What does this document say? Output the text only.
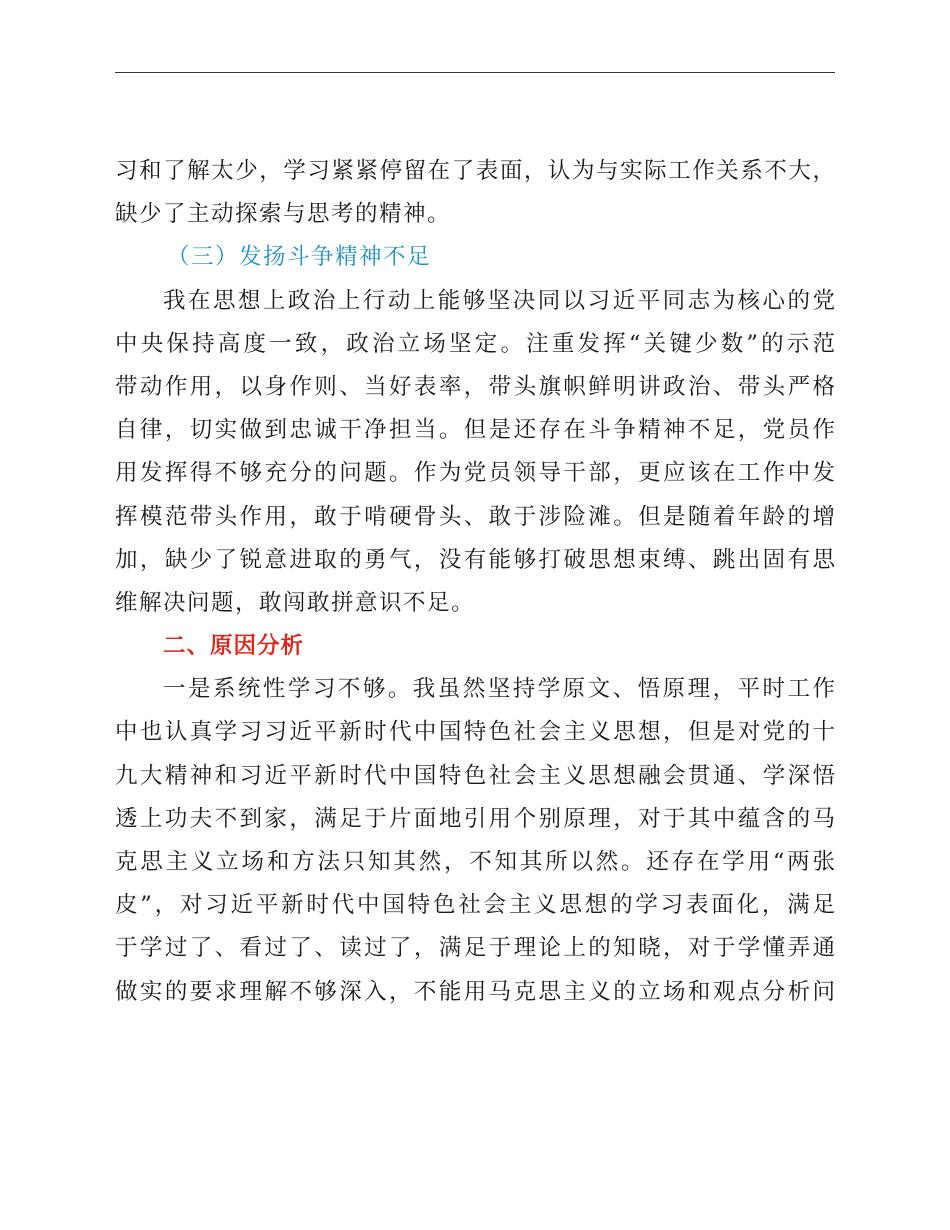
习和了解太少，学习紧紧停留在了表面，认为与实际工作关系不大，
缺少了主动探索与思考的精神。
（三）发扬斗争精神不足
我在思想上政治上行动上能够坚决同以习近平同志为核心的党
中央保持高度一致，政治立场坚定。注重发挥“关键少数”的示范
带动作用，以身作则、当好表率，带头旗帜鲜明讲政治、带头严格
自律，切实做到忠诚干净担当。但是还存在斗争精神不足，党员作
用发挥得不够充分的问题。作为党员领导干部，更应该在工作中发
挥模范带头作用，敢于啃硬骨头、敢于涉险滩。但是随着年龄的增
加，缺少了锐意进取的勇气，没有能够打破思想束缚、跳出固有思
维解决问题，敢闯敢拼意识不足。
二、原因分析
一是系统性学习不够。我虽然坚持学原文、悟原理，平时工作
中也认真学习习近平新时代中国特色社会主义思想，但是对党的十
九大精神和习近平新时代中国特色社会主义思想融会贯通、学深悟
透上功夫不到家，满足于片面地引用个别原理，对于其中蕴含的马
克思主义立场和方法只知其然，不知其所以然。还存在学用“两张
皮”，对习近平新时代中国特色社会主义思想的学习表面化，满足
于学过了、看过了、读过了，满足于理论上的知晓，对于学懂弄通
做实的要求理解不够深入，不能用马克思主义的立场和观点分析问
